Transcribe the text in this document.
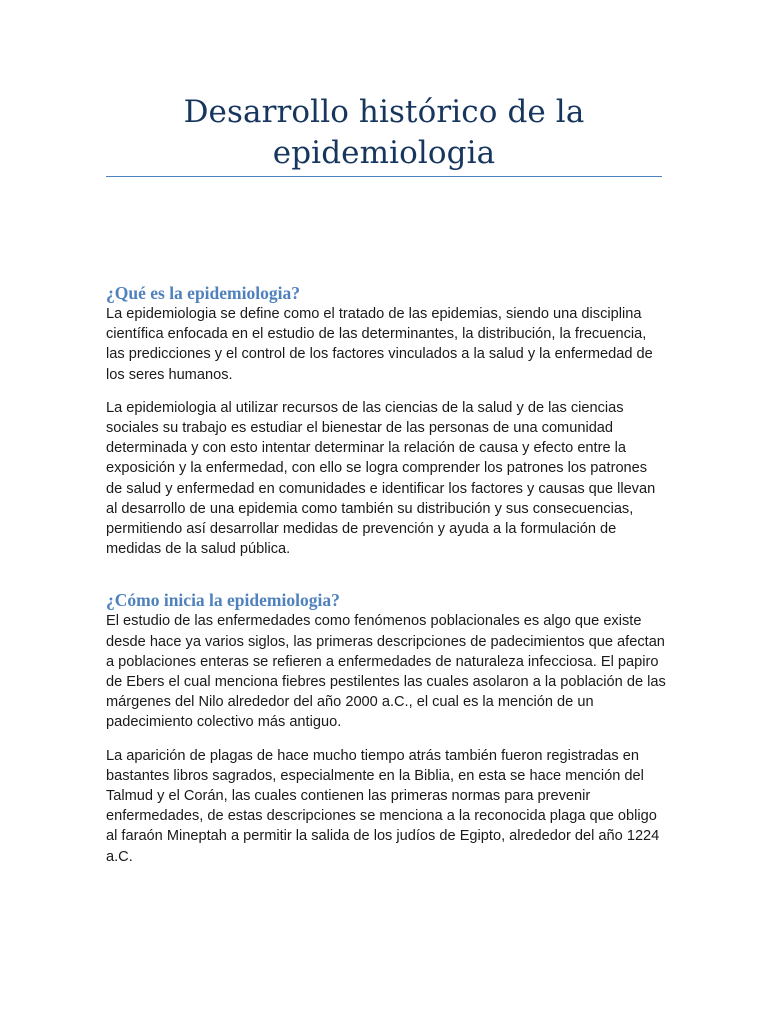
Desarrollo histórico de la epidemiologia
¿Qué es la epidemiologia?

La epidemiologia se define como el tratado de las epidemias, siendo una disciplina científica enfocada en el estudio de las determinantes, la distribución, la frecuencia, las predicciones y el control de los factores vinculados a la salud y la enfermedad de los seres humanos.

La epidemiologia al utilizar recursos de las ciencias de la salud y de las ciencias sociales su trabajo es estudiar el bienestar de las personas de una comunidad determinada y con esto intentar determinar la relación de causa y efecto entre la exposición y la enfermedad, con ello se logra comprender los patrones los patrones de salud y enfermedad en comunidades e identificar los factores y causas que llevan al desarrollo de una epidemia como también su distribución y sus consecuencias, permitiendo así desarrollar medidas de prevención y ayuda a la formulación de medidas de la salud pública.

¿Cómo inicia la epidemiologia?

El estudio de las enfermedades como fenómenos poblacionales es algo que existe desde hace ya varios siglos, las primeras descripciones de padecimientos que afectan a poblaciones enteras se refieren a enfermedades de naturaleza infecciosa. El papiro de Ebers el cual menciona fiebres pestilentes las cuales asolaron a la población de las márgenes del Nilo alrededor del año 2000 a.C., el cual es la mención de un padecimiento colectivo más antiguo.

La aparición de plagas de hace mucho tiempo atrás también fueron registradas en bastantes libros sagrados, especialmente en la Biblia, en esta se hace mención del Talmud y el Corán, las cuales contienen las primeras normas para prevenir enfermedades, de estas descripciones se menciona a la reconocida plaga que obligo al faraón Mineptah a permitir la salida de los judíos de Egipto, alrededor del año 1224 a.C.
